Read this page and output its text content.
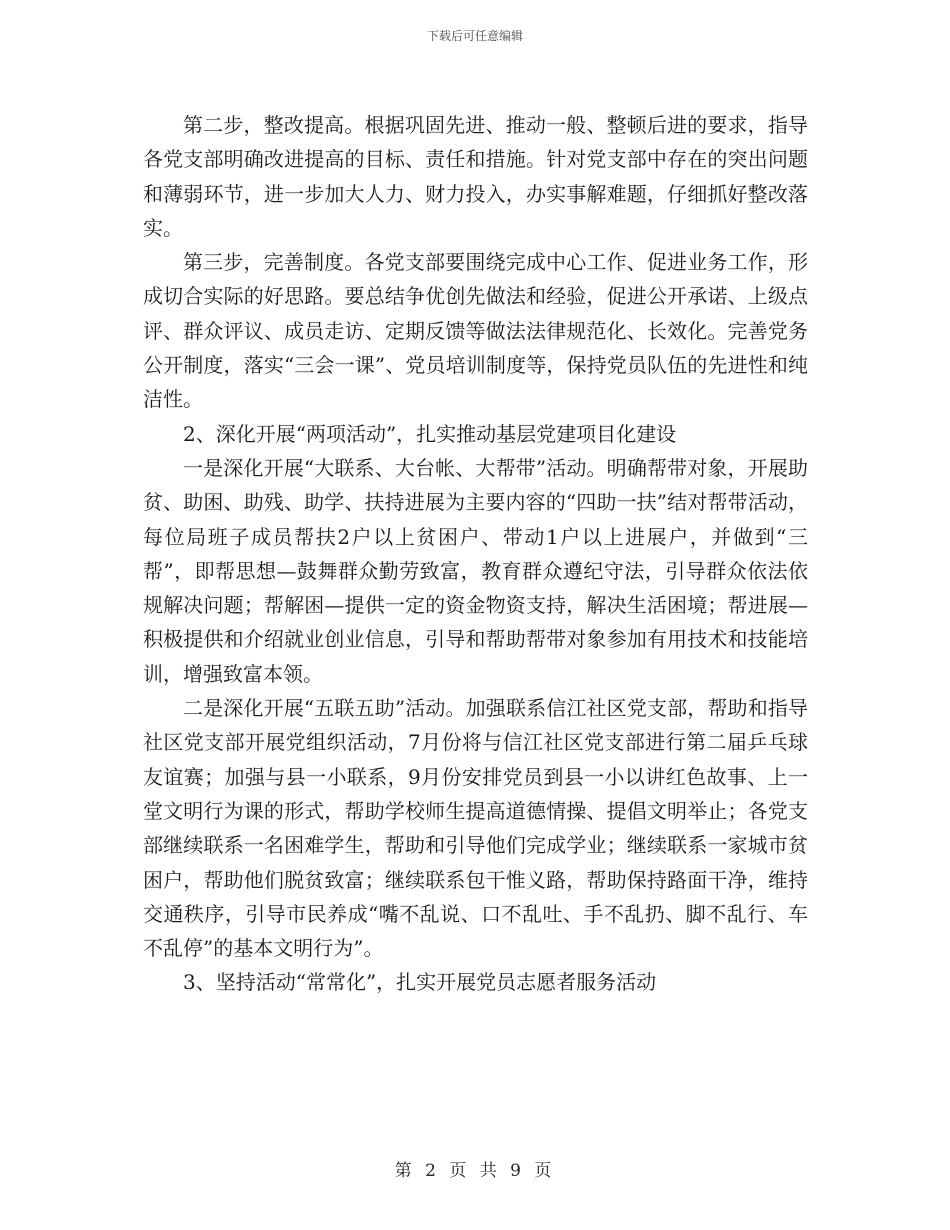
下载后可任意编辑

第二步，整改提高。根据巩固先进、推动一般、整顿后进的要求，指导各党支部明确改进提高的目标、责任和措施。针对党支部中存在的突出问题和薄弱环节，进一步加大人力、财力投入，办实事解难题，仔细抓好整改落实。

第三步，完善制度。各党支部要围绕完成中心工作、促进业务工作，形成切合实际的好思路。要总结争优创先做法和经验，促进公开承诺、上级点评、群众评议、成员走访、定期反馈等做法法律规范化、长效化。完善党务公开制度，落实“三会一课”、党员培训制度等，保持党员队伍的先进性和纯洁性。

2、深化开展“两项活动”，扎实推动基层党建项目化建设

一是深化开展“大联系、大台帐、大帮带”活动。明确帮带对象，开展助贫、助困、助残、助学、扶持进展为主要内容的“四助一扶”结对帮带活动，每位局班子成员帮扶2户以上贫困户、带动1户以上进展户，并做到“三帮”，即帮思想—鼓舞群众勤劳致富，教育群众遵纪守法，引导群众依法依规解决问题；帮解困—提供一定的资金物资支持，解决生活困境；帮进展—积极提供和介绍就业创业信息，引导和帮助帮带对象参加有用技术和技能培训，增强致富本领。

二是深化开展“五联五助”活动。加强联系信江社区党支部，帮助和指导社区党支部开展党组织活动，7月份将与信江社区党支部进行第二届乒乓球友谊赛；加强与县一小联系，9月份安排党员到县一小以讲红色故事、上一堂文明行为课的形式，帮助学校师生提高道德情操、提倡文明举止；各党支部继续联系一名困难学生，帮助和引导他们完成学业；继续联系一家城市贫困户，帮助他们脱贫致富；继续联系包干惟义路，帮助保持路面干净，维持交通秩序，引导市民养成“嘴不乱说、口不乱吐、手不乱扔、脚不乱行、车不乱停”的基本文明行为”。

3、坚持活动“常常化”，扎实开展党员志愿者服务活动

第 2 页 共 9 页
